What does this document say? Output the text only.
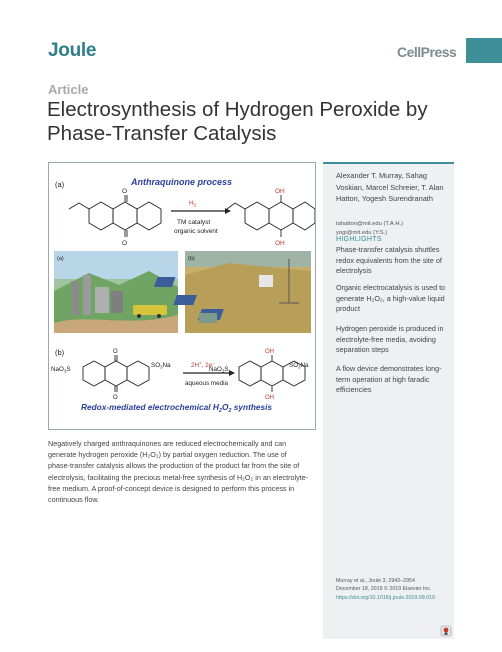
Joule	CellPress
Article
Electrosynthesis of Hydrogen Peroxide by Phase-Transfer Catalysis
(a)	Anthraquinone process
O
O
$H_2$
TM catalyst
organic solvent
OH
OH
(a)	(b)
(b)	O
O
NaO$_3$S
$SO_3Na$	2H+, 2e−
aqueous media
OH
OH
NaO$_3$S
$SO_3Na$
Redox-mediated electrochemical $H_2O_2$ synthesis
Negatively charged anthraquinones are reduced electrochemically and can generate hydrogen peroxide (H₂O₂) by partial oxygen reduction. The use of phase-transfer catalysis allows the production of the product far from the site of electrolysis, facilitating the precious metal-free synthesis of H₂O₂ in an electrolyte-free medium. A proof-of-concept device is designed to perform this process in continuous flow.
Alexander T. Murray, Sahag Voskian, Marcel Schreier, T. Alan Hatton, Yogesh Surendranath
tahatton@mit.edu (T.A.H.)
yogi@mit.edu (Y.S.)
HIGHLIGHTS
Phase-transfer catalysis shuttles redox equivalents from the site of electrolysis
Organic electrocatalysis is used to generate H₂O₂, a high-value liquid product
Hydrogen peroxide is produced in electrolyte-free media, avoiding separation steps
A flow device demonstrates long-term operation at high faradic efficiencies
Murray et al., Joule 3, 2942–2954
December 18, 2019 © 2019 Elsevier Inc.
https://doi.org/10.1016/j.joule.2019.09.019
